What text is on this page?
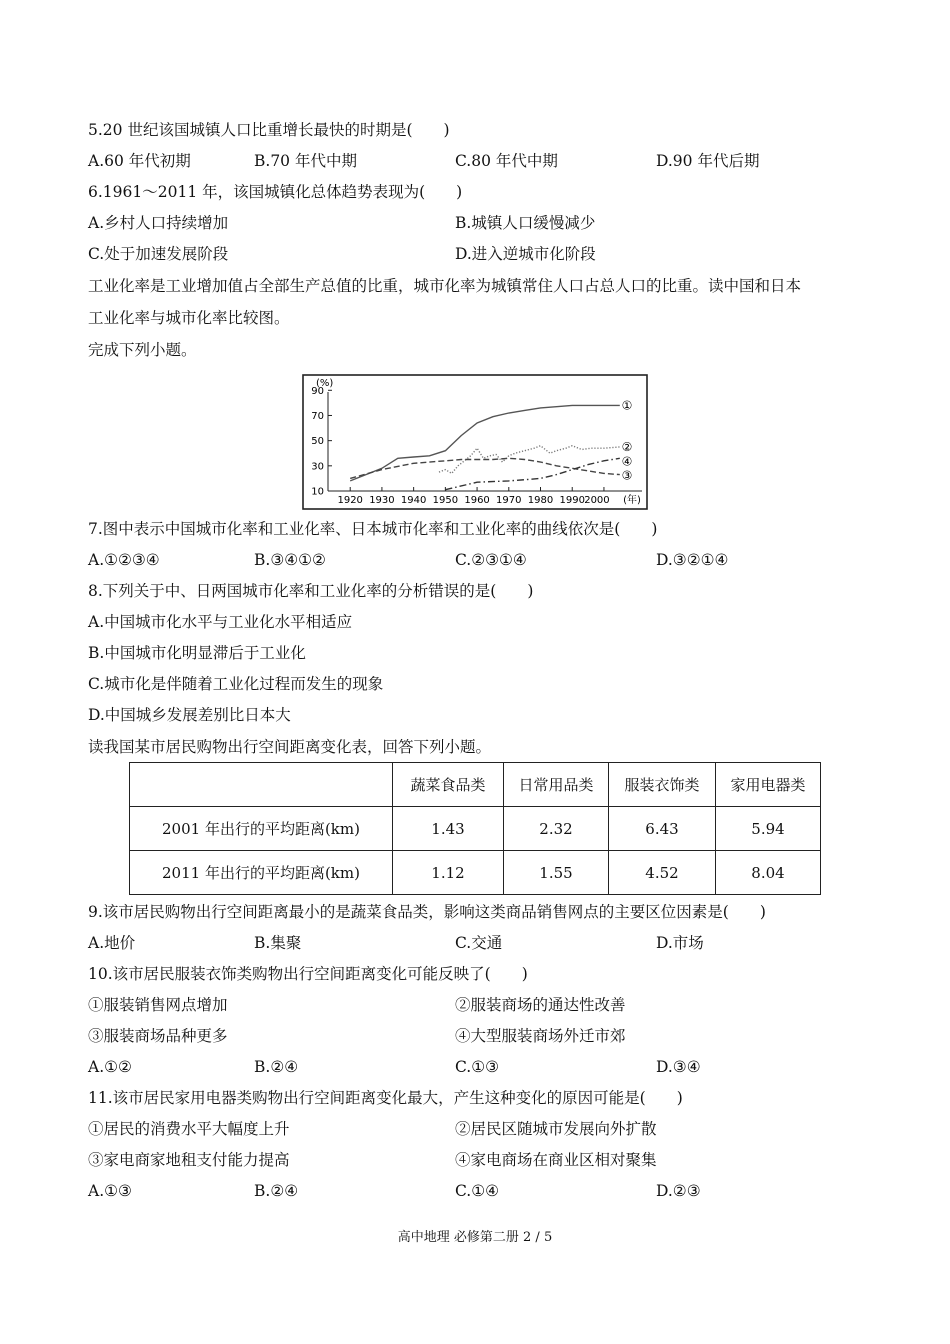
5.20 世纪该国城镇人口比重增长最快的时期是(　　)
A.60 年代初期	B.70 年代中期	C.80 年代中期	D.90 年代后期
6.1961～2011 年，该国城镇化总体趋势表现为(　　)
A.乡村人口持续增加	B.城镇人口缓慢减少
C.处于加速发展阶段	D.进入逆城市化阶段
工业化率是工业增加值占全部生产总值的比重，城市化率为城镇常住人口占总人口的比重。读中国和日本
工业化率与城市化率比较图。
完成下列小题。
(%)
10
30
50
70
90
1920 1930 1940 1950 1960 1970 1980 1990 2000 (年)
①
②
③
④
7.图中表示中国城市化率和工业化率、日本城市化率和工业化率的曲线依次是(　　)
A.①②③④	B.③④①②	C.②③①④	D.③②①④
8.下列关于中、日两国城市化率和工业化率的分析错误的是(　　)
A.中国城市化水平与工业化水平相适应
B.中国城市化明显滞后于工业化
C.城市化是伴随着工业化过程而发生的现象
D.中国城乡发展差别比日本大
读我国某市居民购物出行空间距离变化表，回答下列小题。
	蔬菜食品类	日常用品类	服装衣饰类	家用电器类
2001 年出行的平均距离(km)	1.43	2.32	6.43	5.94
2011 年出行的平均距离(km)	1.12	1.55	4.52	8.04
9.该市居民购物出行空间距离最小的是蔬菜食品类，影响这类商品销售网点的主要区位因素是(　　)
A.地价	B.集聚	C.交通	D.市场
10.该市居民服装衣饰类购物出行空间距离变化可能反映了(　　)
①服装销售网点增加	②服装商场的通达性改善
③服装商场品种更多	④大型服装商场外迁市郊
A.①②	B.②④	C.①③	D.③④
11.该市居民家用电器类购物出行空间距离变化最大，产生这种变化的原因可能是(　　)
①居民的消费水平大幅度上升	②居民区随城市发展向外扩散
③家电商家地租支付能力提高	④家电商场在商业区相对聚集
A.①③	B.②④	C.①④	D.②③
高中地理 必修第二册 2 / 5
